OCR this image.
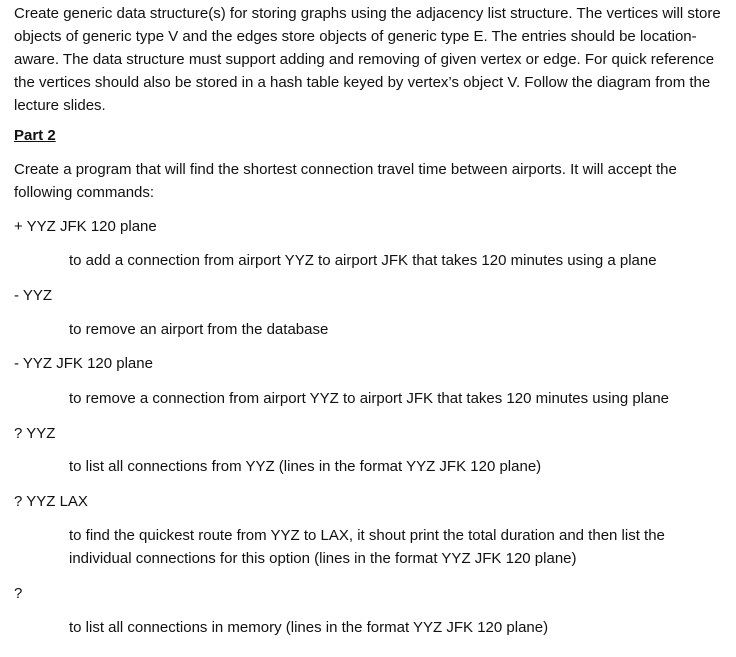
Create generic data structure(s) for storing graphs using the adjacency list structure. The vertices will store objects of generic type V and the edges store objects of generic type E. The entries should be location-aware. The data structure must support adding and removing of given vertex or edge. For quick reference the vertices should also be stored in a hash table keyed by vertex’s object V. Follow the diagram from the lecture slides.

Part 2

Create a program that will find the shortest connection travel time between airports. It will accept the following commands:

+ YYZ JFK 120 plane

to add a connection from airport YYZ to airport JFK that takes 120 minutes using a plane

- YYZ

to remove an airport from the database

- YYZ JFK 120 plane

to remove a connection from airport YYZ to airport JFK that takes 120 minutes using plane

? YYZ

to list all connections from YYZ (lines in the format YYZ JFK 120 plane)

? YYZ LAX

to find the quickest route from YYZ to LAX, it shout print the total duration and then list the individual connections for this option (lines in the format YYZ JFK 120 plane)

?

to list all connections in memory (lines in the format YYZ JFK 120 plane)
